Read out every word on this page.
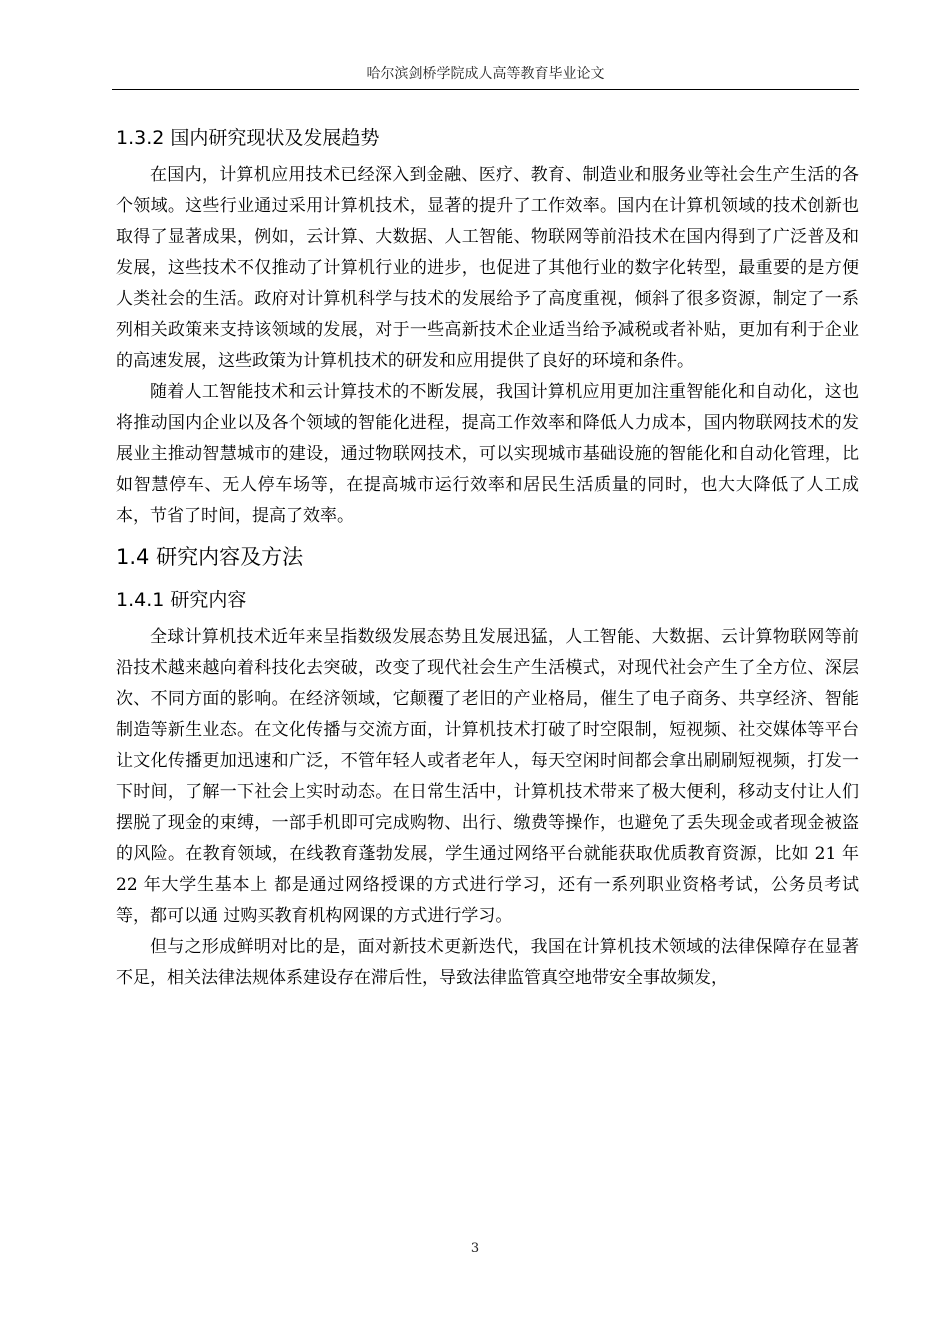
哈尔滨剑桥学院成人高等教育毕业论文
1.3.2 国内研究现状及发展趋势

在国内，计算机应用技术已经深入到金融、医疗、教育、制造业和服务业等社会生产生活的各个领域。这些行业通过采用计算机技术，显著的提升了工作效率。国内在计算机领域的技术创新也取得了显著成果，例如，云计算、大数据、人工智能、物联网等前沿技术在国内得到了广泛普及和发展，这些技术不仅推动了计算机行业的进步，也促进了其他行业的数字化转型，最重要的是方便人类社会的生活。政府对计算机科学与技术的发展给予了高度重视，倾斜了很多资源，制定了一系列相关政策来支持该领域的发展，对于一些高新技术企业适当给予减税或者补贴，更加有利于企业的高速发展，这些政策为计算机技术的研发和应用提供了良好的环境和条件。

随着人工智能技术和云计算技术的不断发展，我国计算机应用更加注重智能化和自动化，这也将推动国内企业以及各个领域的智能化进程，提高工作效率和降低人力成本，国内物联网技术的发展业主推动智慧城市的建设，通过物联网技术，可以实现城市基础设施的智能化和自动化管理，比如智慧停车、无人停车场等，在提高城市运行效率和居民生活质量的同时，也大大降低了人工成本，节省了时间，提高了效率。

1.4 研究内容及方法
1.4.1 研究内容

全球计算机技术近年来呈指数级发展态势且发展迅猛，人工智能、大数据、云计算物联网等前沿技术越来越向着科技化去突破，改变了现代社会生产生活模式，对现代社会产生了全方位、深层次、不同方面的影响。在经济领域，它颠覆了老旧的产业格局，催生了电子商务、共享经济、智能制造等新生业态。在文化传播与交流方面，计算机技术打破了时空限制，短视频、社交媒体等平台让文化传播更加迅速和广泛，不管年轻人或者老年人，每天空闲时间都会拿出刷刷短视频，打发一下时间，了解一下社会上实时动态。在日常生活中，计算机技术带来了极大便利，移动支付让人们摆脱了现金的束缚，一部手机即可完成购物、出行、缴费等操作，也避免了丢失现金或者现金被盗的风险。在教育领域，在线教育蓬勃发展，学生通过网络平台就能获取优质教育资源，比如 21 年 22 年大学生基本上 都是通过网络授课的方式进行学习，还有一系列职业资格考试，公务员考试等，都可以通 过购买教育机构网课的方式进行学习。

但与之形成鲜明对比的是，面对新技术更新迭代，我国在计算机技术领域的法律保障存在显著不足，相关法律法规体系建设存在滞后性，导致法律监管真空地带安全事故频发，

3
